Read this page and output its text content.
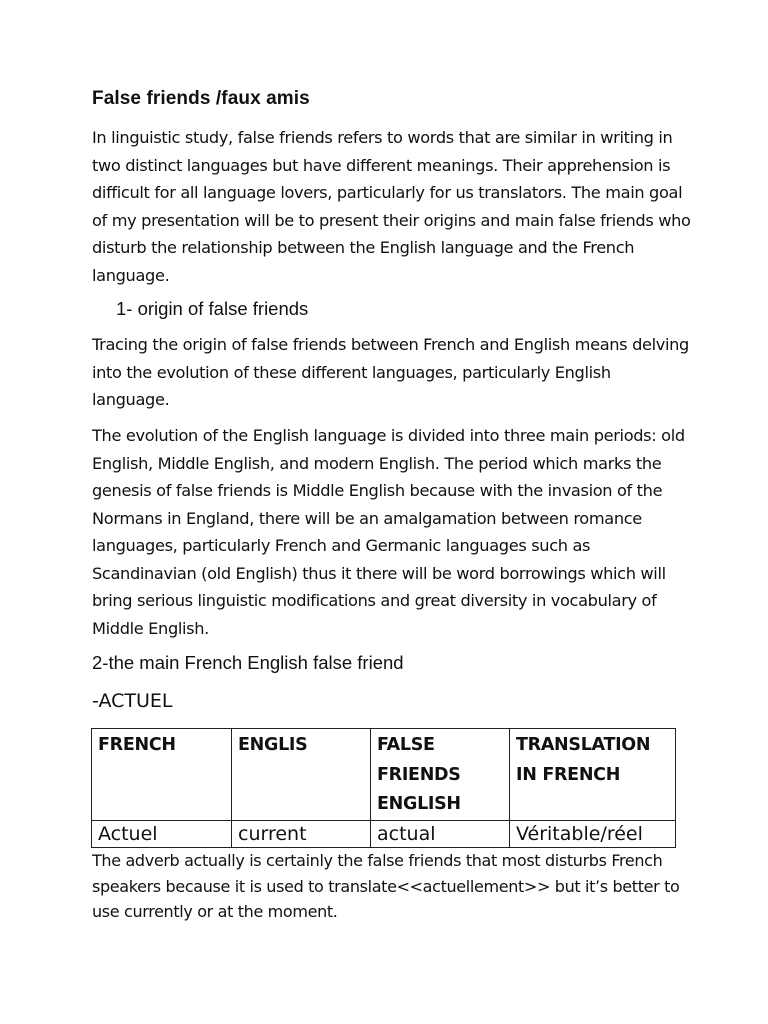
False friends /faux amis

In linguistic study, false friends refers to words that are similar in writing in two distinct languages but have different meanings. Their apprehension is difficult for all language lovers, particularly for us translators. The main goal of my presentation will be to present their origins and main false friends who disturb the relationship between the English language and the French language.

1- origin of false friends

Tracing the origin of false friends between French and English means delving into the evolution of these different languages, particularly English language.

The evolution of the English language is divided into three main periods: old English, Middle English, and modern English. The period which marks the genesis of false friends is Middle English because with the invasion of the Normans in England, there will be an amalgamation between romance languages, particularly French and Germanic languages such as Scandinavian (old English) thus it there will be word borrowings which will bring serious linguistic modifications and great diversity in vocabulary of Middle English.

2-the main French English false friend
-ACTUEL
FRENCH	ENGLIS	FALSE FRIENDS ENGLISH	TRANSLATION IN FRENCH
Actuel	current	actual	Véritable/réel

The adverb actually is certainly the false friends that most disturbs French speakers because it is used to translate<<actuellement>> but it’s better to use currently or at the moment.
